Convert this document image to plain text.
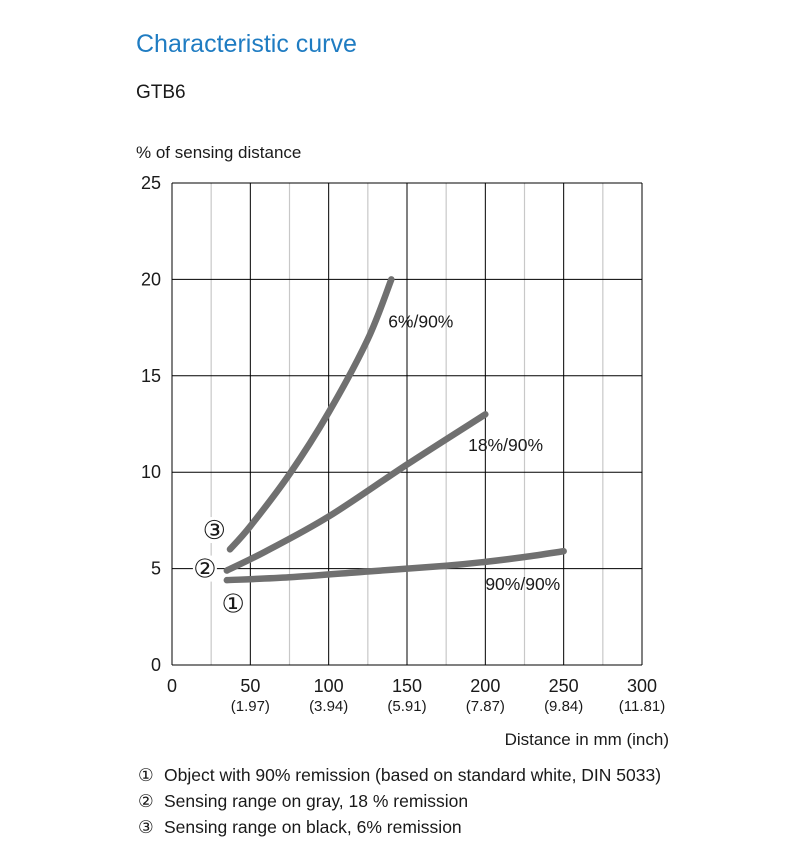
Characteristic curve
GTB6
% of sensing distance
0
5
10
15
20
25
0	50
(1.97)
100
(3.94)
150
(5.91)
200
(7.87)
250
(9.84)
300
(11.81)
90%/90%
①
18%/90%
②
6%/90%
③
Distance in mm (inch)
① Object with 90% remission (based on standard white, DIN 5033)
② Sensing range on gray, 18 % remission
③ Sensing range on black, 6% remission
